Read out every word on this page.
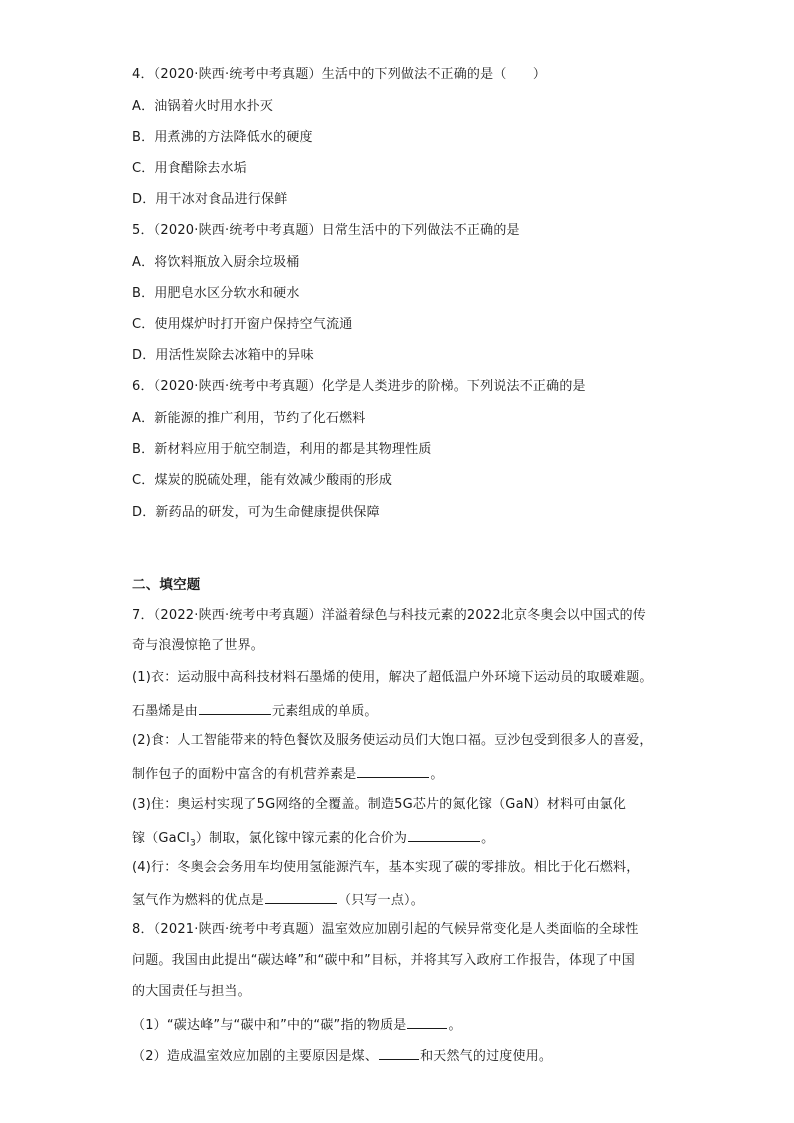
4．（2020·陕西·统考中考真题）生活中的下列做法不正确的是（　　）
A．油锅着火时用水扑灭
B．用煮沸的方法降低水的硬度
C．用食醋除去水垢
D．用干冰对食品进行保鲜
5．（2020·陕西·统考中考真题）日常生活中的下列做法不正确的是
A．将饮料瓶放入厨余垃圾桶
B．用肥皂水区分软水和硬水
C．使用煤炉时打开窗户保持空气流通
D．用活性炭除去冰箱中的异味
6．（2020·陕西·统考中考真题）化学是人类进步的阶梯。下列说法不正确的是
A．新能源的推广利用，节约了化石燃料
B．新材料应用于航空制造，利用的都是其物理性质
C．煤炭的脱硫处理，能有效减少酸雨的形成
D．新药品的研发，可为生命健康提供保障
二、填空题
7．（2022·陕西·统考中考真题）洋溢着绿色与科技元素的2022北京冬奥会以中国式的传
奇与浪漫惊艳了世界。
(1)衣：运动服中高科技材料石墨烯的使用，解决了超低温户外环境下运动员的取暖难题。
石墨烯是由	元素组成的单质。
(2)食：人工智能带来的特色餐饮及服务使运动员们大饱口福。豆沙包受到很多人的喜爱，
制作包子的面粉中富含的有机营养素是	。
(3)住：奥运村实现了5G网络的全覆盖。制造5G芯片的氮化镓（GaN）材料可由氯化
镓（GaCl$_3$）制取，氯化镓中镓元素的化合价为	。
(4)行：冬奥会会务用车均使用氢能源汽车，基本实现了碳的零排放。相比于化石燃料，
氢气作为燃料的优点是	（只写一点）。
8．（2021·陕西·统考中考真题）温室效应加剧引起的气候异常变化是人类面临的全球性
问题。我国由此提出“碳达峰”和“碳中和”目标，并将其写入政府工作报告，体现了中国
的大国责任与担当。
（1）“碳达峰”与“碳中和”中的“碳”指的物质是	。
（2）造成温室效应加剧的主要原因是煤、	和天然气的过度使用。
